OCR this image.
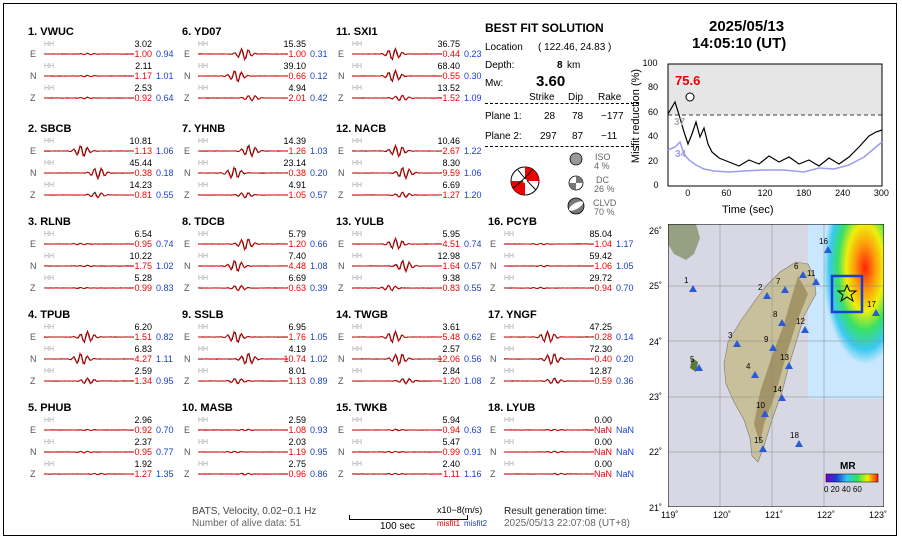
1. VWUC
E
HH	3.02
1.00 0.94
N
HH	2.11
1.17 1.01
Z
HH	2.53
0.92 0.64
2. SBCB
E
HH	10.81
1.13 1.06
N
HH	45.44
0.38 0.18
Z
HH	14.23
0.81 0.55
3. RLNB
E
HH	6.54
0.95 0.74
N
HH	10.22
1.75 1.02
Z
HH	5.28
0.99 0.83
4. TPUB
E
HH	6.20
1.51 0.82
N
HH	6.83
4.27 1.11
Z
HH	2.59
1.34 0.95
5. PHUB
E
HH	2.96
0.92 0.70
N
HH	2.37
0.95 0.77
Z
HH	1.92
1.27 1.35
6. YD07
E
HH	15.35
1.00 0.31
N
HH	39.10
0.66 0.12
Z
HH	4.94
2.01 0.42
7. YHNB
E
HH	14.39
1.26 1.03
N
HH	23.14
0.38 0.20
Z
HH	4.91
1.05 0.57
8. TDCB
E
HH	5.79
1.20 0.66
N
HH	7.40
4.48 1.08
Z
HH	6.69
0.63 0.39
9. SSLB
E
HH	6.95
1.76 1.05
N
HH	4.19
10.74 1.02
Z
HH	8.01
1.13 0.89
10. MASB
E
HH	2.59
1.08 0.93
N
HH	2.03
1.19 0.95
Z
HH	2.75
0.96 0.86
11. SXI1
E
HH	36.75
0.44 0.23
N
HH	68.40
0.55 0.30
Z
HH	13.52
1.52 1.09
12. NACB
E
HH	10.46
2.67 1.22
N
HH	8.30
9.59 1.06
Z
HH	6.69
1.27 1.20
13. YULB
E
HH	5.95
4.51 0.74
N
HH	12.98
1.64 0.57
Z
HH	9.38
0.83 0.55
14. TWGB
E
HH	3.61
5.48 0.62
N
HH	2.57
12.06 0.56
Z
HH	2.84
1.20 1.08
15. TWKB
E
HH	5.94
0.94 0.63
N
HH	5.47
0.99 0.91
Z
HH	2.40
1.11 1.16
16. PCYB
E
HH	85.04
1.04 1.17
N
HH	59.42
1.06 1.05
Z
HH	29.72
0.94 0.70
17. YNGF
E
HH	47.25
0.28 0.14
N
HH	72.30
0.40 0.20
Z
HH	12.87
0.59 0.36
18. LYUB
E
HH	0.00
NaN NaN
N
HH	0.00
NaN NaN
Z
HH	0.00
NaN NaN
BEST FIT SOLUTION
Location ( 122.46, 24.83 )
Depth:	8 km
Mw: 3.60
Strike Dip Rake
Plane 1: 28 78 −177
Plane 2: 297 87 −11
ISO
4 %
DC
26 %
CLVD
70 %
2025/05/13
14:05:10 (UT)
Misfit reduction (%)	75.6
37
34
0
20
40
60
80
100
0	60	120	180	240	300
Time (sec)
1
2
3
4
5
6
7
8
9
10
11
12
13
14
15
16
17
18
26˚
25˚
24˚
23˚
22˚
21˚
119˚	120˚	121˚	122˚	123˚
MR
0 20 40 60
BATS, Velocity, 0.02~0.1 Hz
Number of alive data: 51	100 sec
x10−8(m/s)
misfit1 misfit2
Result generation time:
2025/05/13 22:07:08 (UT+8)
